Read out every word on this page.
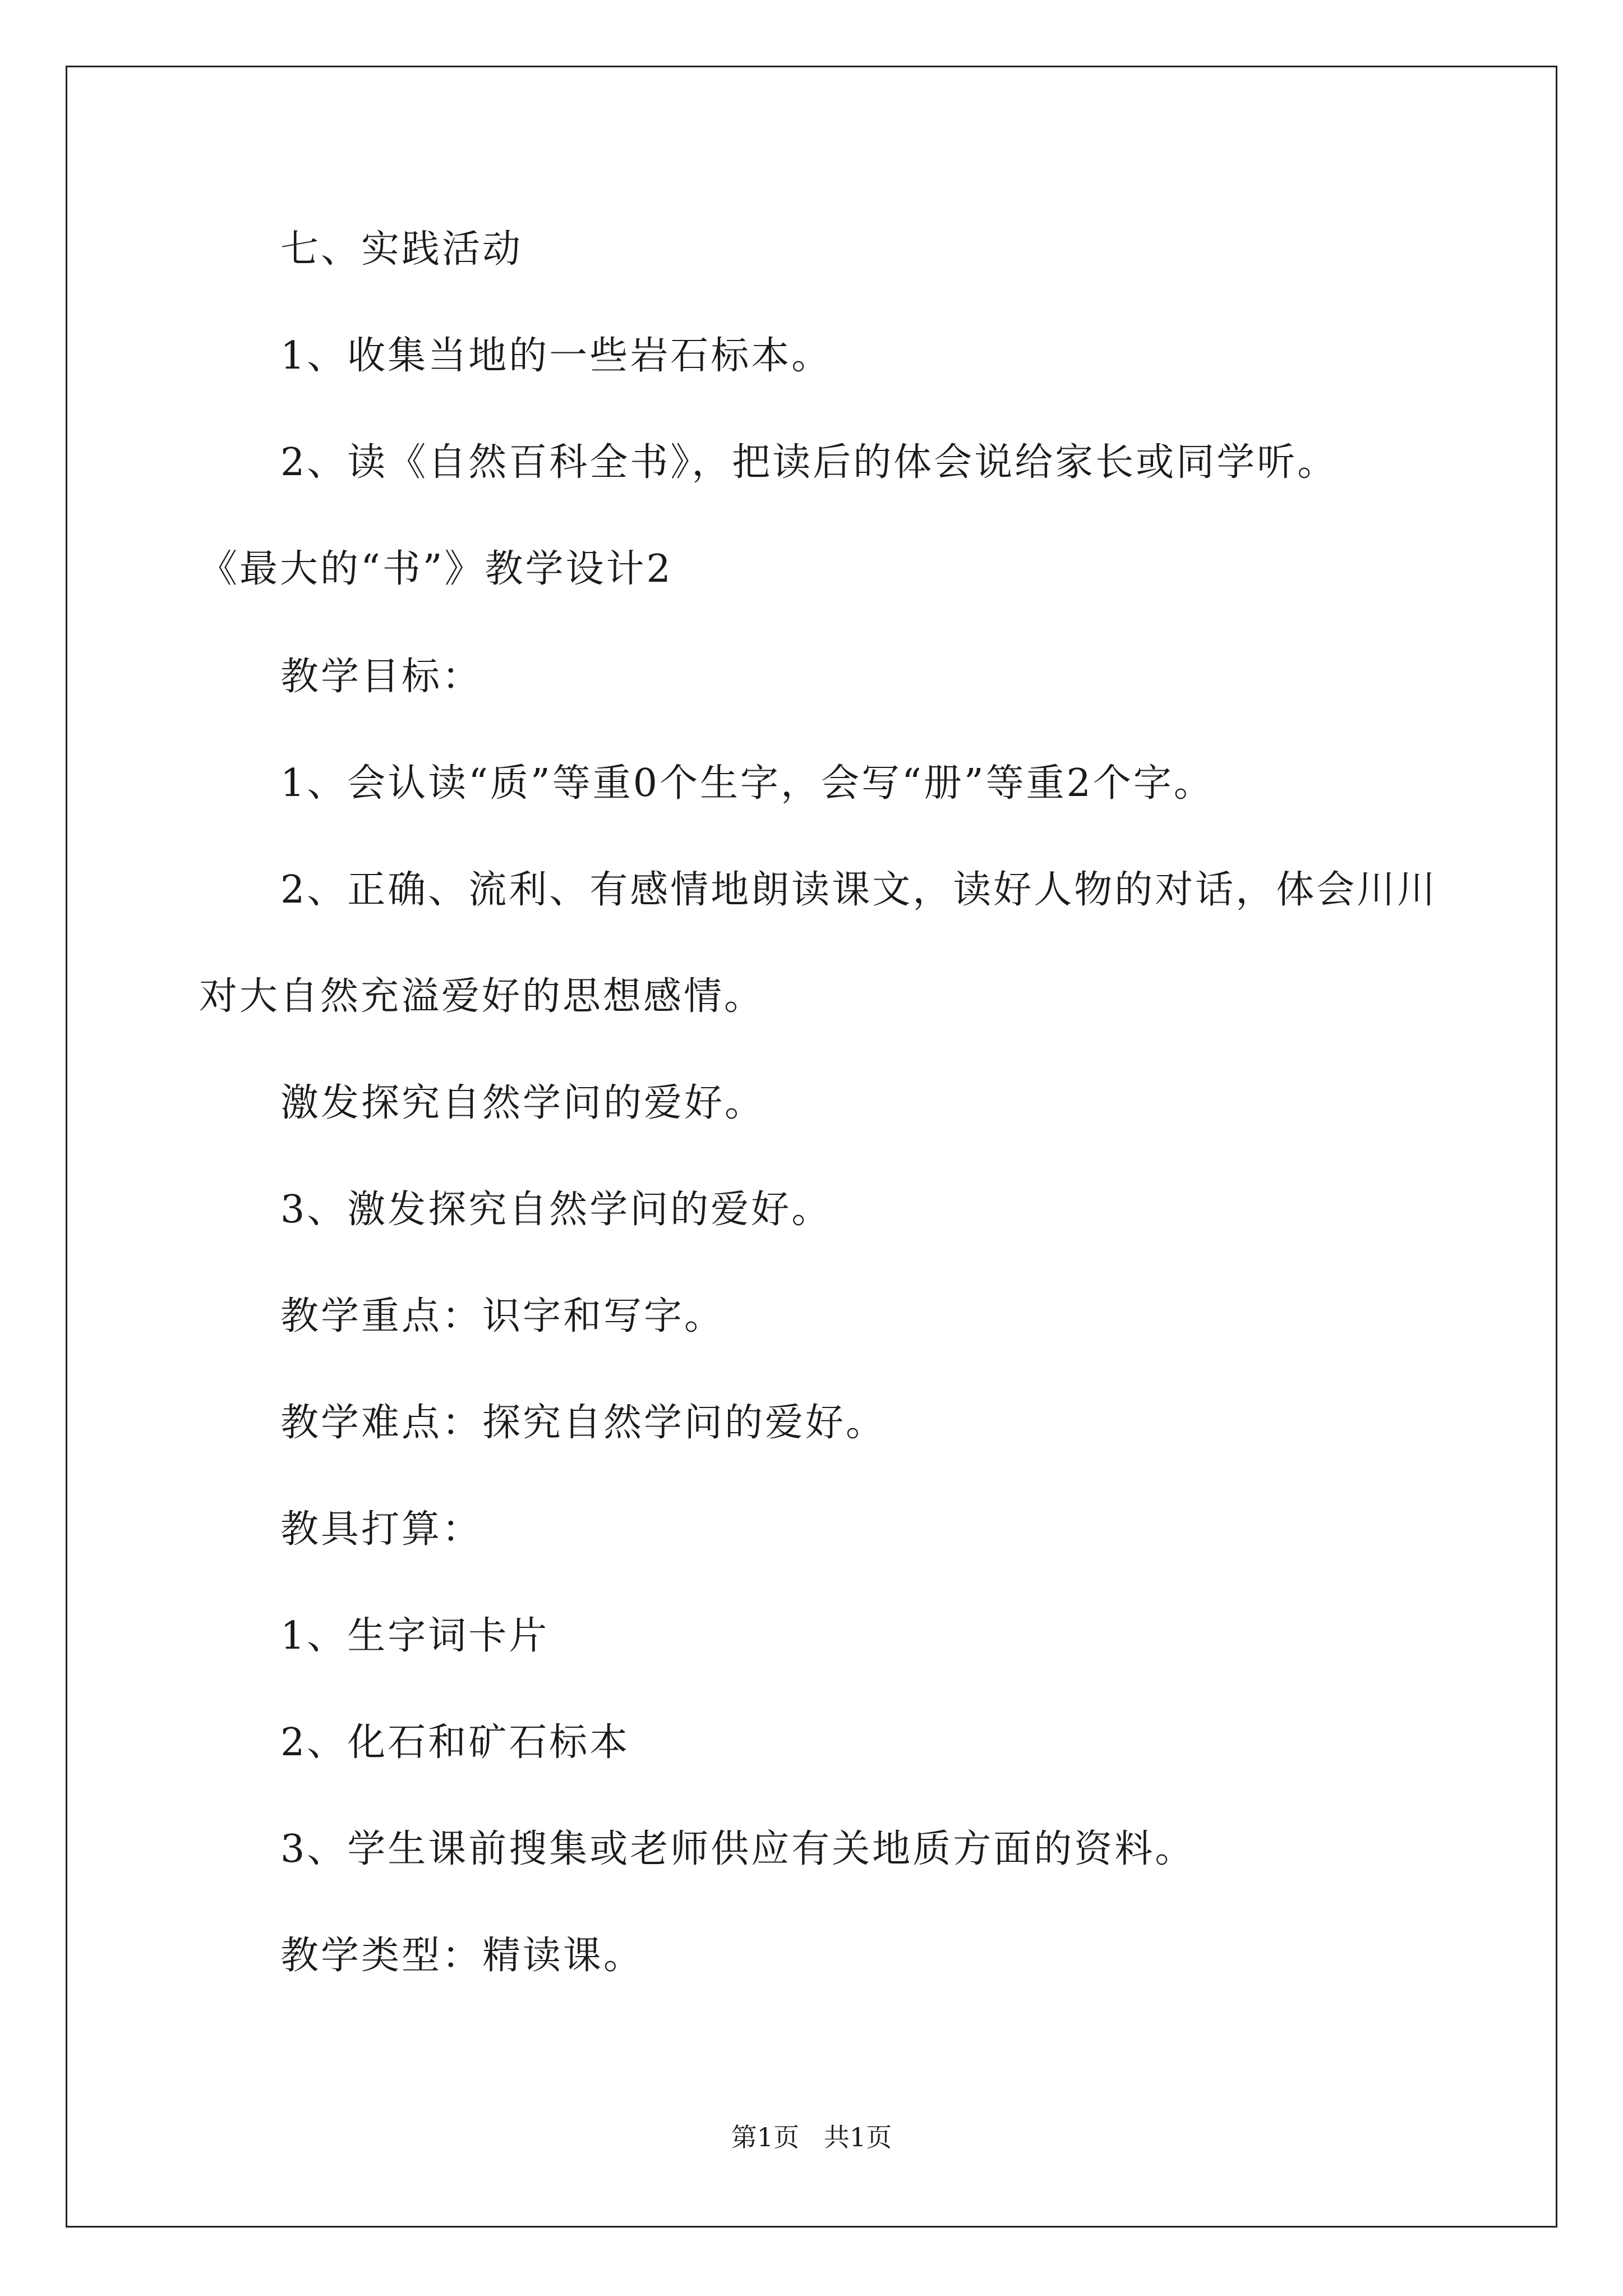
七、实践活动
1、收集当地的一些岩石标本。
2、读《自然百科全书》，把读后的体会说给家长或同学听。
《最大的“书”》教学设计2
教学目标：
1、会认读“质”等重0个生字，会写“册”等重2个字。
2、正确、流利、有感情地朗读课文，读好人物的对话，体会川川
对大自然充溢爱好的思想感情。
激发探究自然学问的爱好。
3、激发探究自然学问的爱好。
教学重点：识字和写字。
教学难点：探究自然学问的爱好。
教具打算：
1、生字词卡片
2、化石和矿石标本
3、学生课前搜集或老师供应有关地质方面的资料。
教学类型：精读课。
第1页   共1页
